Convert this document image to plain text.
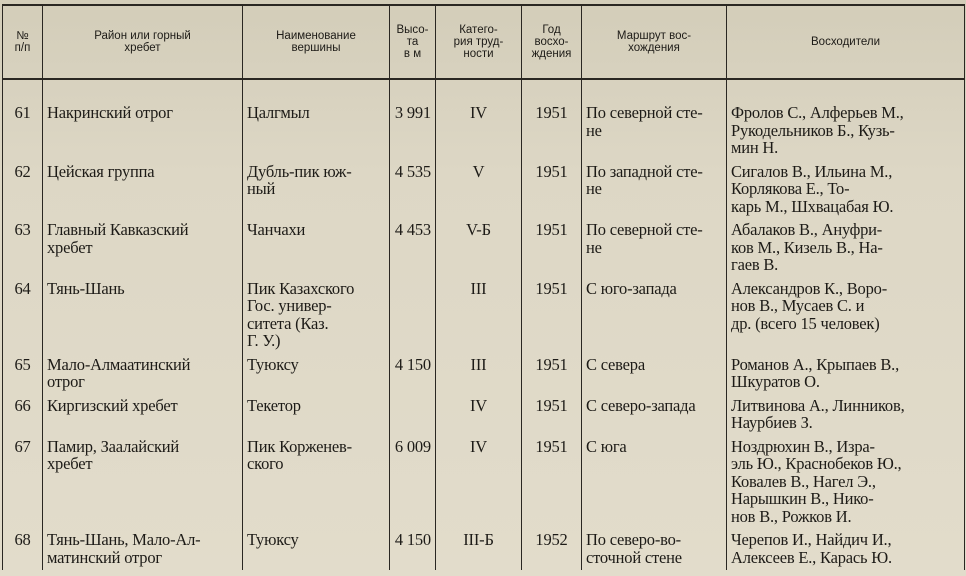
№
п/п	Район или горный
хребет	Наименование
вершины	Высо-
та
в м	Катего-
рия труд-
ности	Год
восхо-
ждения	Маршрут вос-
хождения	Восходители

61	Накринский отрог	Цалгмыл	3 991	IV	1951	По северной сте-
не	Фролов С., Алферьев М.,
Рукодельников Б., Кузь-
мин Н.
62	Цейская группа	Дубль-пик юж-
ный	4 535	V	1951	По западной сте-
не	Сигалов В., Ильина М.,
Корлякова Е., То-
карь М., Шхвацабая Ю.
63	Главный Кавказский
хребет	Чанчахи	4 453	V-Б	1951	По северной сте-
не	Абалаков В., Ануфри-
ков М., Кизель В., На-
гаев В.
64	Тянь-Шань	Пик Казахского
Гос. универ-
ситета (Каз.
Г. У.)		III	1951	С юго-запада	Александров К., Воро-
нов В., Мусаев С. и
др. (всего 15 человек)
65	Мало-Алмаатинский
отрог	Туюксу	4 150	III	1951	С севера	Романов А., Крыпаев В.,
Шкуратов О.
66	Киргизский хребет	Текетор		IV	1951	С северо-запада	Литвинова А., Линников,
Наурбиев З.
67	Памир, Заалайский
хребет	Пик Корженев-
ского	6 009	IV	1951	С юга	Ноздрюхин В., Изра-
эль Ю., Краснобеков Ю.,
Ковалев В., Нагел Э.,
Нарышкин В., Нико-
нов В., Рожков И.
68	Тянь-Шань, Мало-Ал-
матинский отрог	Туюксу	4 150	III-Б	1952	По северо-во-
сточной стене	Черепов И., Найдич И.,
Алексеев Е., Карась Ю.
